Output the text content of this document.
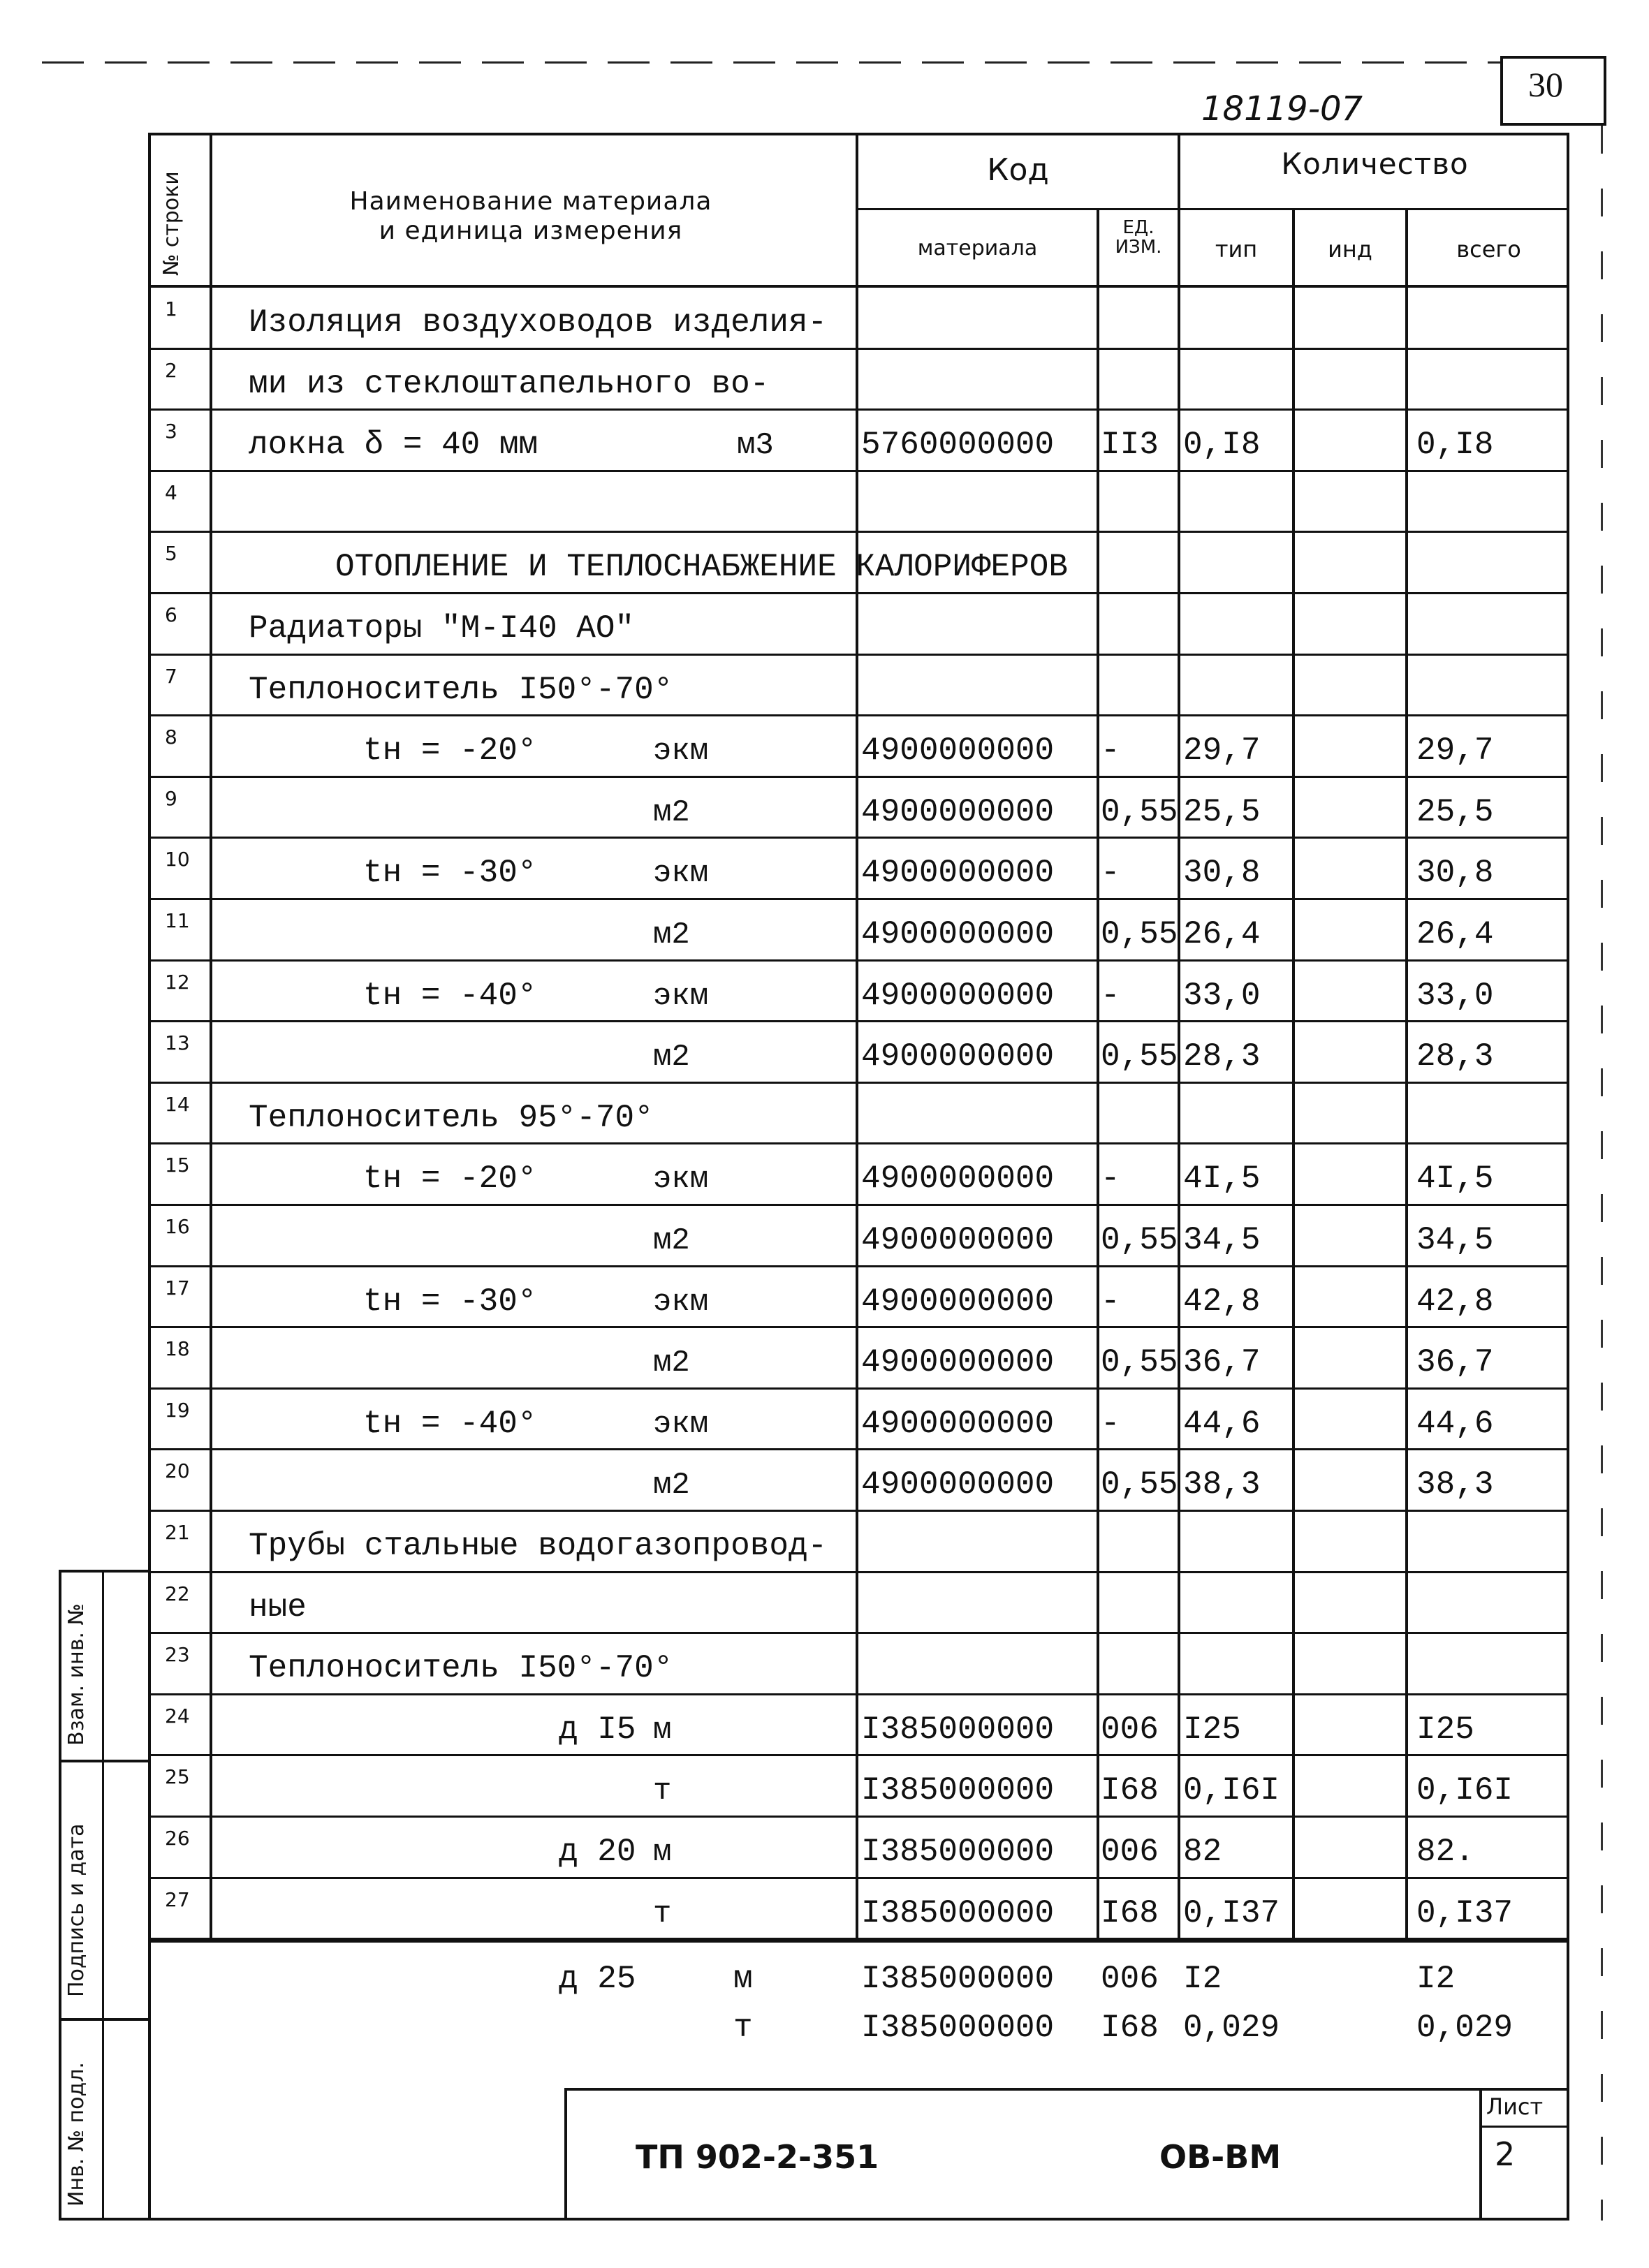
30
18119-07
№ строки	Наименование материала
и единица измерения
Код	Количество
материала
ЕД. ИЗМ.	тип	инд	всего
1 Изоляция воздуховодов изделия-
2 ми из стеклоштапельного во-
3 локна δ = 40 мм	м3	5760000000 II3 0,I8	0,I8
4
5	ОТОПЛЕНИЕ И ТЕПЛОСНАБЖЕНИЕ КАЛОРИФЕРОВ
6 Радиаторы "М-I40 АО"
7 Теплоноситель I50°-70°
8	tн = -20°	экм	4900000000 - 29,7	29,7
9	м2	4900000000 0,55 25,5	25,5
10	tн = -30°	экм	4900000000 - 30,8	30,8
11	м2	4900000000 0,55 26,4	26,4
12	tн = -40°	экм	4900000000 - 33,0	33,0
13	м2	4900000000 0,55 28,3	28,3
14 Теплоноситель 95°-70°
15	tн = -20°	экм	4900000000 - 4I,5	4I,5
16	м2	4900000000 0,55 34,5	34,5
17	tн = -30°	экм	4900000000 - 42,8	42,8
18	м2	4900000000 0,55 36,7	36,7
19	tн = -40°	экм	4900000000 - 44,6	44,6
20	м2	4900000000 0,55 38,3	38,3
21 Трубы стальные водогазопровод-
22 ные
23 Теплоноситель I50°-70°
24	д I5 м	I385000000 006 I25	I25
25	т	I385000000 I68 0,I6I	0,I6I
26	д 20 м	I385000000 006 82	82.
27	т	I385000000 I68 0,I37	0,I37
д 25	м	I385000000 006 I2	I2
т	I385000000 I68 0,029	0,029
Взам. инв. №
Подпись и дата
Инв. № подл.	ТП 902-2-351	ОВ-ВМ
Лист
2
